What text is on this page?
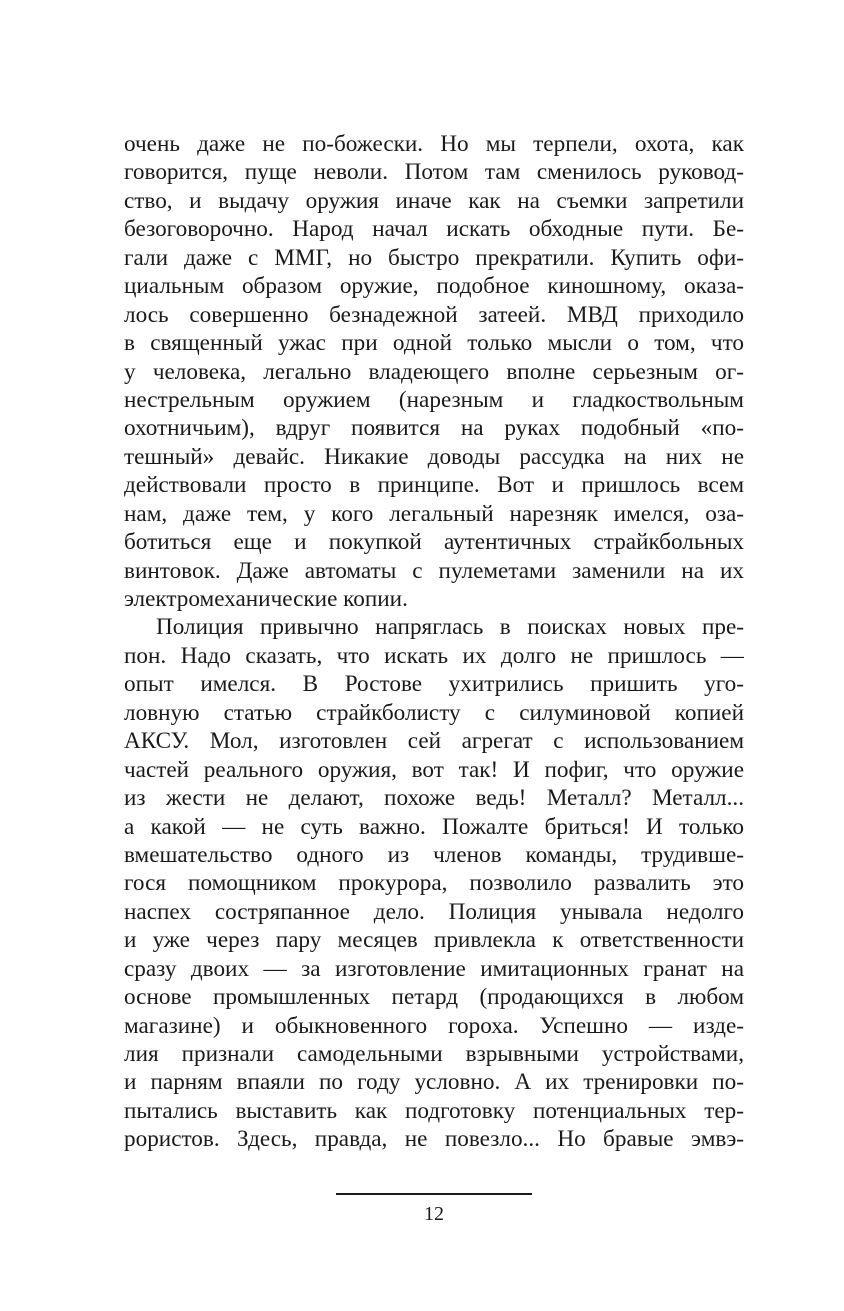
очень даже не по-божески. Но мы терпели, охота, как
говорится, пуще неволи. Потом там сменилось руковод-
ство, и выдачу оружия иначе как на съемки запретили
безоговорочно. Народ начал искать обходные пути. Бе-
гали даже с ММГ, но быстро прекратили. Купить офи-
циальным образом оружие, подобное киношному, оказа-
лось совершенно безнадежной затеей. МВД приходило
в священный ужас при одной только мысли о том, что
у человека, легально владеющего вполне серьезным ог-
нестрельным оружием (нарезным и гладкоствольным
охотничьим), вдруг появится на руках подобный «по-
тешный» девайс. Никакие доводы рассудка на них не
действовали просто в принципе. Вот и пришлось всем
нам, даже тем, у кого легальный нарезняк имелся, оза-
ботиться еще и покупкой аутентичных страйкбольных
винтовок. Даже автоматы с пулеметами заменили на их
электромеханические копии.
Полиция привычно напряглась в поисках новых пре-
пон. Надо сказать, что искать их долго не пришлось —
опыт имелся. В Ростове ухитрились пришить уго-
ловную статью страйкболисту с силуминовой копией
АКСУ. Мол, изготовлен сей агрегат с использованием
частей реального оружия, вот так! И пофиг, что оружие
из жести не делают, похоже ведь! Металл? Металл...
а какой — не суть важно. Пожалте бриться! И только
вмешательство одного из членов команды, трудивше-
гося помощником прокурора, позволило развалить это
наспех состряпанное дело. Полиция унывала недолго
и уже через пару месяцев привлекла к ответственности
сразу двоих — за изготовление имитационных гранат на
основе промышленных петард (продающихся в любом
магазине) и обыкновенного гороха. Успешно — изде-
лия признали самодельными взрывными устройствами,
и парням впаяли по году условно. А их тренировки по-
пытались выставить как подготовку потенциальных тер-
рористов. Здесь, правда, не повезло... Но бравые эмвэ-
12
